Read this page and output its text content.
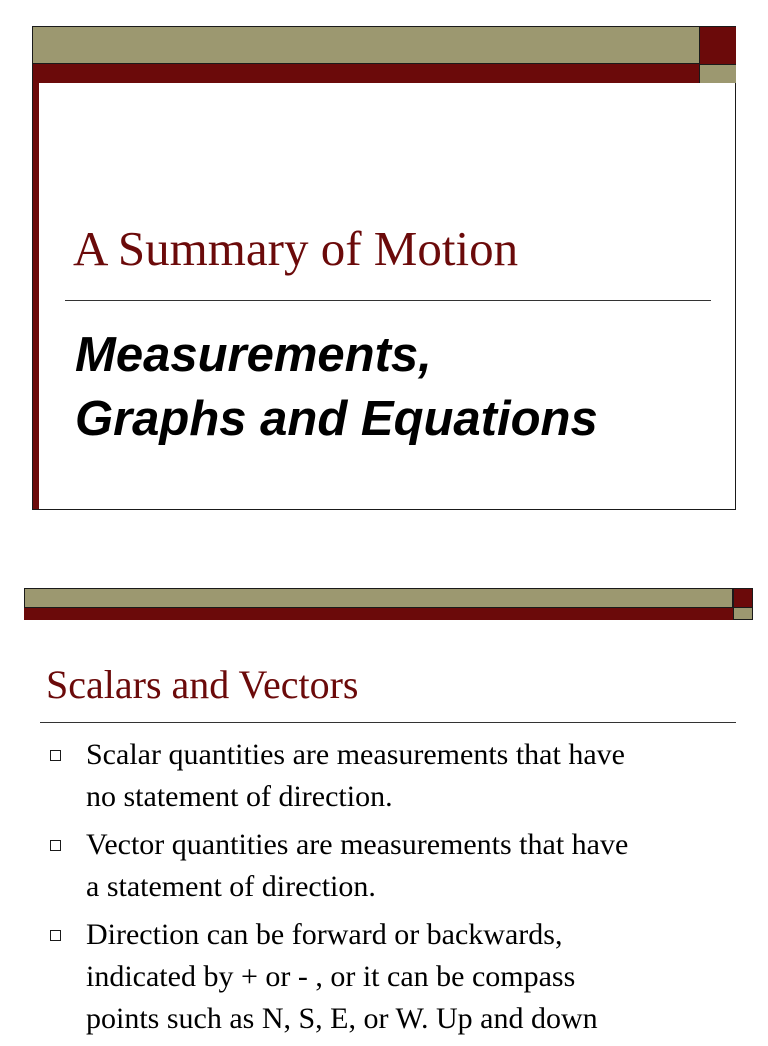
A Summary of Motion
Measurements,
Graphs and Equations
Scalars and Vectors
Scalar quantities are measurements that have
no statement of direction.
Vector quantities are measurements that have
a statement of direction.
Direction can be forward or backwards,
indicated by + or - , or it can be compass
points such as N, S, E, or W. Up and down
